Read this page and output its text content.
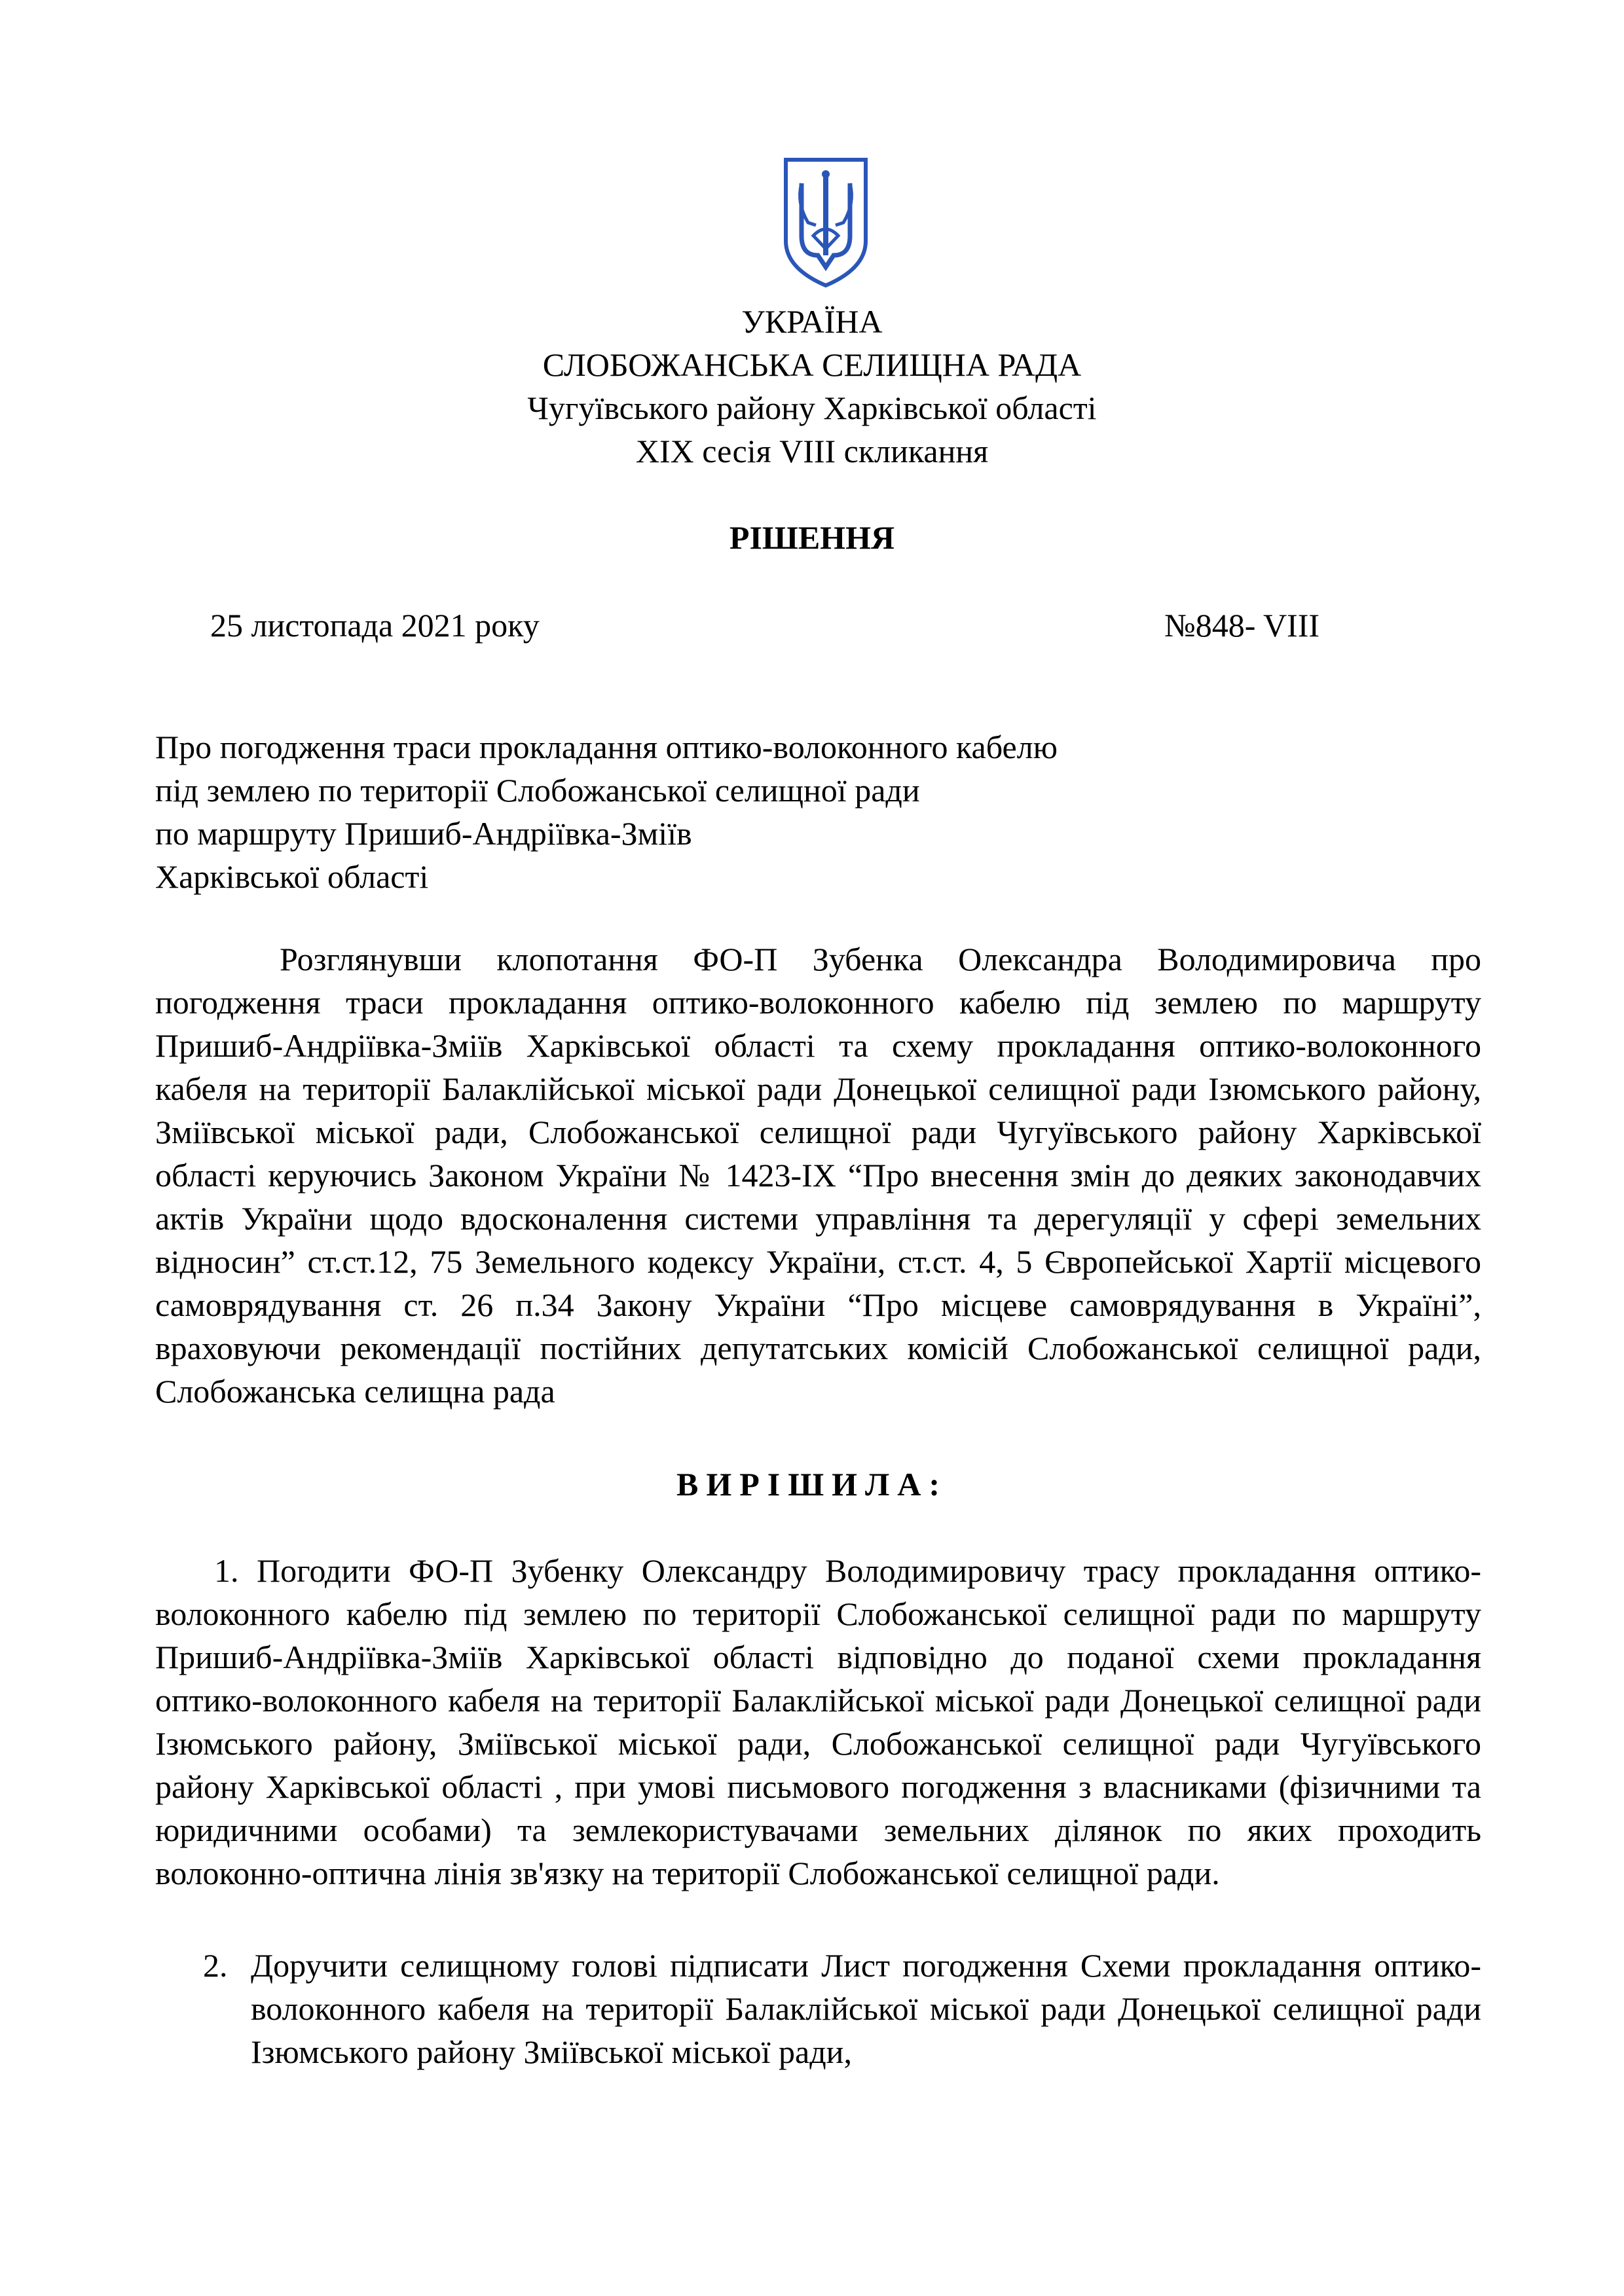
УКРАЇНА
СЛОБОЖАНСЬКА СЕЛИЩНА РАДА
Чугуївського району Харківської області
XIX сесія VIII скликання
РІШЕННЯ
25 листопада 2021 року	№848- VIII
Про погодження траси прокладання оптико-волоконного кабелю
під землею по території Слобожанської селищної ради
по маршруту Пришиб-Андріївка-Зміїв
Харківської області

Розглянувши клопотання ФО-П Зубенка Олександра Володимировича про погодження траси прокладання оптико-волоконного кабелю під землею по маршруту Пришиб-Андріївка-Зміїв Харківської області та схему прокладання оптико-волоконного кабеля на території Балаклійської міської ради Донецької селищної ради Ізюмського району, Зміївської міської ради, Слобожанської селищної ради Чугуївського району Харківської області керуючись Законом України № 1423-IX “Про внесення змін до деяких законодавчих актів України щодо вдосконалення системи управління та дерегуляції у сфері земельних відносин” ст.ст.12, 75 Земельного кодексу України, ст.ст. 4, 5 Європейської Хартії місцевого самоврядування ст. 26 п.34 Закону України “Про місцеве самоврядування в Україні”, враховуючи рекомендації постійних депутатських комісій Слобожанської селищної ради, Слобожанська селищна рада

ВИРІШИЛА:

1. Погодити ФО-П Зубенку Олександру Володимировичу трасу прокладання оптико-волоконного кабелю під землею по території Слобожанської селищної ради по маршруту Пришиб-Андріївка-Зміїв Харківської області відповідно до поданої схеми прокладання оптико-волоконного кабеля на території Балаклійської міської ради Донецької селищної ради Ізюмського району, Зміївської міської ради, Слобожанської селищної ради Чугуївського району Харківської області , при умові письмового погодження з власниками (фізичними та юридичними особами) та землекористувачами земельних ділянок по яких проходить волоконно-оптична лінія зв'язку на території Слобожанської селищної ради.

2. Доручити селищному голові підписати Лист погодження Схеми прокладання оптико-волоконного кабеля на території Балаклійської міської ради Донецької селищної ради Ізюмського району Зміївської міської ради,
